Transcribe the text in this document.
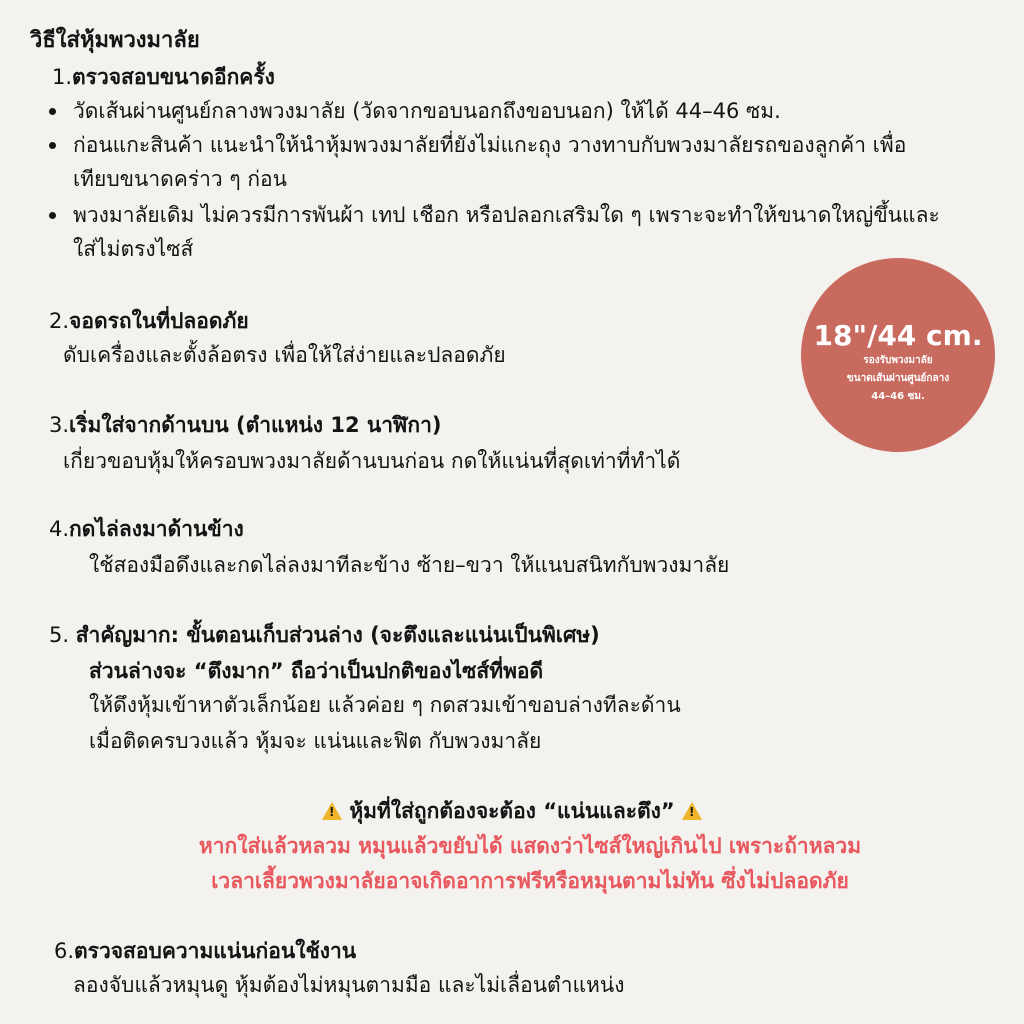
วิธีใส่หุ้มพวงมาลัย
1.ตรวจสอบขนาดอีกครั้ง
วัดเส้นผ่านศูนย์กลางพวงมาลัย (วัดจากขอบนอกถึงขอบนอก) ให้ได้ 44–46 ซม.
ก่อนแกะสินค้า แนะนำให้นำหุ้มพวงมาลัยที่ยังไม่แกะถุง วางทาบกับพวงมาลัยรถของลูกค้า เพื่อ
เทียบขนาดคร่าว ๆ ก่อน
พวงมาลัยเดิม ไม่ควรมีการพันผ้า เทป เชือก หรือปลอกเสริมใด ๆ เพราะจะทำให้ขนาดใหญ่ขึ้นและ
ใส่ไม่ตรงไซส์
2.จอดรถในที่ปลอดภัย
ดับเครื่องและตั้งล้อตรง เพื่อให้ใส่ง่ายและปลอดภัย
3.เริ่มใส่จากด้านบน (ตำแหน่ง 12 นาฬิกา)
เกี่ยวขอบหุ้มให้ครอบพวงมาลัยด้านบนก่อน กดให้แน่นที่สุดเท่าที่ทำได้
4.กดไล่ลงมาด้านข้าง
ใช้สองมือดึงและกดไล่ลงมาทีละข้าง ซ้าย–ขวา ให้แนบสนิทกับพวงมาลัย
5. สำคัญมาก: ขั้นตอนเก็บส่วนล่าง (จะตึงและแน่นเป็นพิเศษ)
ส่วนล่างจะ “ตึงมาก” ถือว่าเป็นปกติของไซส์ที่พอดี
ให้ดึงหุ้มเข้าหาตัวเล็กน้อย แล้วค่อย ๆ กดสวมเข้าขอบล่างทีละด้าน
เมื่อติดครบวงแล้ว หุ้มจะ แน่นและฟิต กับพวงมาลัย
! หุ้มที่ใส่ถูกต้องจะต้อง “แน่นและตึง” !
หากใส่แล้วหลวม หมุนแล้วขยับได้ แสดงว่าไซส์ใหญ่เกินไป เพราะถ้าหลวม
เวลาเลี้ยวพวงมาลัยอาจเกิดอาการฟรีหรือหมุนตามไม่ทัน ซึ่งไม่ปลอดภัย
6.ตรวจสอบความแน่นก่อนใช้งาน
ลองจับแล้วหมุนดู หุ้มต้องไม่หมุนตามมือ และไม่เลื่อนตำแหน่ง
18"/44 cm.
รองรับพวงมาลัย
ขนาดเส้นผ่านศูนย์กลาง
44–46 ซม.
